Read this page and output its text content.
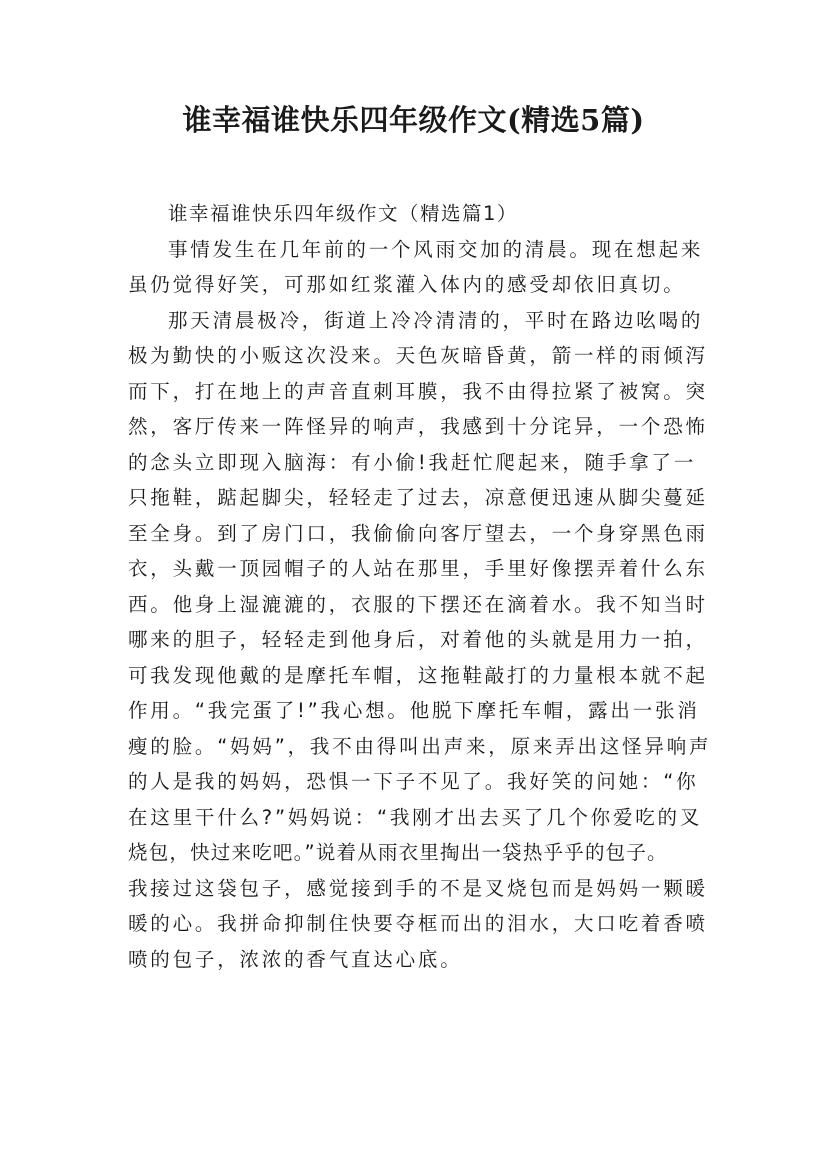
谁幸福谁快乐四年级作文(精选5篇)

谁幸福谁快乐四年级作文（精选篇1）

事情发生在几年前的一个风雨交加的清晨。现在想起来
虽仍觉得好笑，可那如红浆灌入体内的感受却依旧真切。
那天清晨极冷，街道上冷冷清清的，平时在路边吆喝的
极为勤快的小贩这次没来。天色灰暗昏黄，箭一样的雨倾泻
而下，打在地上的声音直刺耳膜，我不由得拉紧了被窝。突
然，客厅传来一阵怪异的响声，我感到十分诧异，一个恐怖
的念头立即现入脑海：有小偷!我赶忙爬起来，随手拿了一
只拖鞋，踮起脚尖，轻轻走了过去，凉意便迅速从脚尖蔓延
至全身。到了房门口，我偷偷向客厅望去，一个身穿黑色雨
衣，头戴一顶园帽子的人站在那里，手里好像摆弄着什么东
西。他身上湿漉漉的，衣服的下摆还在滴着水。我不知当时
哪来的胆子，轻轻走到他身后，对着他的头就是用力一拍，
可我发现他戴的是摩托车帽，这拖鞋敲打的力量根本就不起
作用。“我完蛋了!”我心想。他脱下摩托车帽，露出一张消
瘦的脸。“妈妈”，我不由得叫出声来，原来弄出这怪异响声
的人是我的妈妈，恐惧一下子不见了。我好笑的问她：“你
在这里干什么?”妈妈说：“我刚才出去买了几个你爱吃的叉
烧包，快过来吃吧。”说着从雨衣里掏出一袋热乎乎的包子。
我接过这袋包子，感觉接到手的不是叉烧包而是妈妈一颗暖
暖的心。我拼命抑制住快要夺框而出的泪水，大口吃着香喷
喷的包子，浓浓的香气直达心底。
